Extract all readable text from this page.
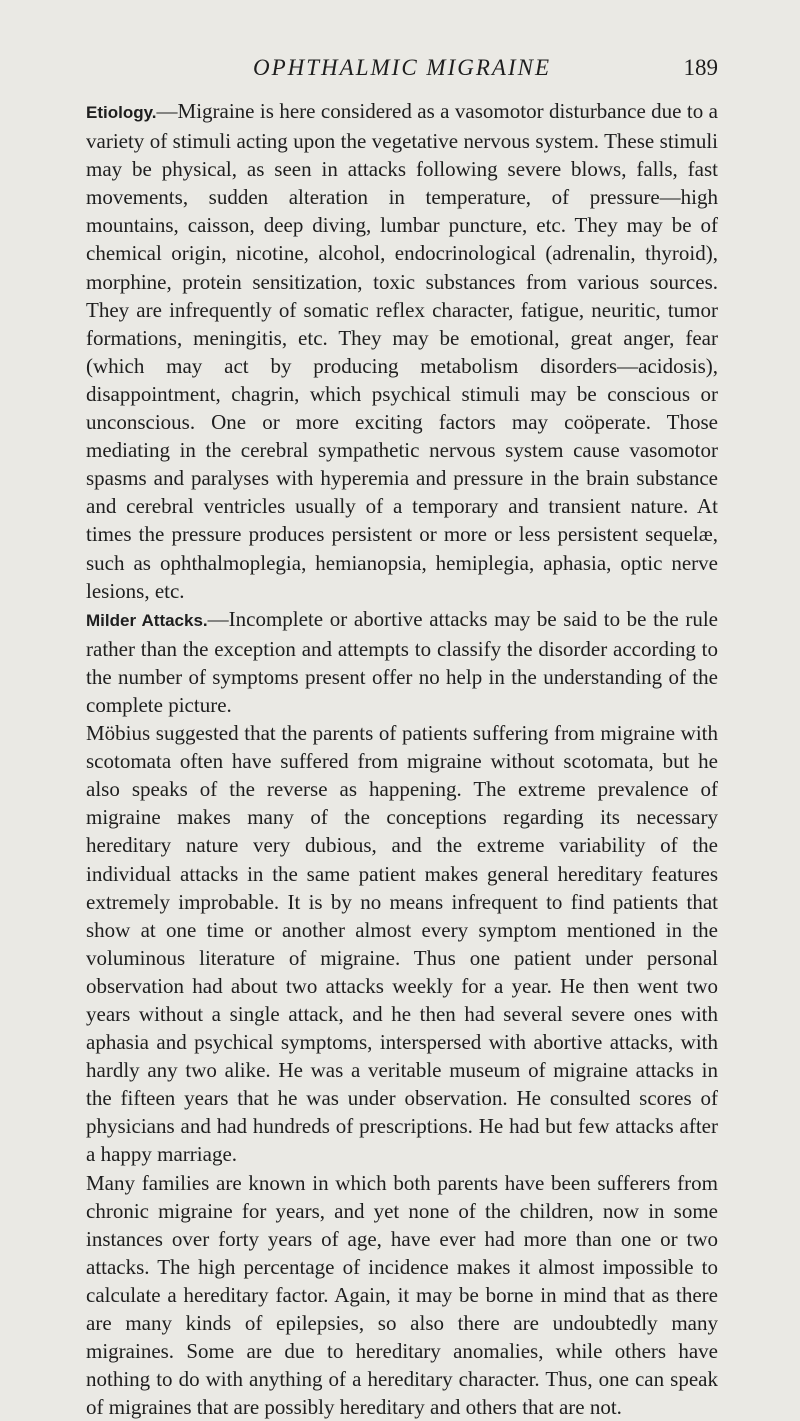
OPHTHALMIC MIGRAINE	189

Etiology.—Migraine is here considered as a vasomotor disturbance due to a variety of stimuli acting upon the vegetative nervous system. These stimuli may be physical, as seen in attacks following severe blows, falls, fast movements, sudden alteration in temperature, of pressure—high mountains, caisson, deep diving, lumbar puncture, etc. They may be of chemical origin, nicotine, alcohol, endocrinological (adrenalin, thyroid), morphine, protein sensitization, toxic substances from various sources. They are infrequently of somatic reflex character, fatigue, neuritic, tumor formations, meningitis, etc. They may be emotional, great anger, fear (which may act by producing metabolism disorders—acidosis), disappointment, chagrin, which psychical stimuli may be conscious or unconscious. One or more exciting factors may coöperate. Those mediating in the cerebral sympathetic nervous system cause vasomotor spasms and paralyses with hyperemia and pressure in the brain substance and cerebral ventricles usually of a temporary and transient nature. At times the pressure produces persistent or more or less persistent sequelæ, such as ophthalmoplegia, hemianopsia, hemiplegia, aphasia, optic nerve lesions, etc.

Milder Attacks.—Incomplete or abortive attacks may be said to be the rule rather than the exception and attempts to classify the disorder according to the number of symptoms present offer no help in the understanding of the complete picture.

Möbius suggested that the parents of patients suffering from migraine with scotomata often have suffered from migraine without scotomata, but he also speaks of the reverse as happening. The extreme prevalence of migraine makes many of the conceptions regarding its necessary hereditary nature very dubious, and the extreme variability of the individual attacks in the same patient makes general hereditary features extremely improbable. It is by no means infrequent to find patients that show at one time or another almost every symptom mentioned in the voluminous literature of migraine. Thus one patient under personal observation had about two attacks weekly for a year. He then went two years without a single attack, and he then had several severe ones with aphasia and psychical symptoms, interspersed with abortive attacks, with hardly any two alike. He was a veritable museum of migraine attacks in the fifteen years that he was under observation. He consulted scores of physicians and had hundreds of prescriptions. He had but few attacks after a happy marriage.

Many families are known in which both parents have been sufferers from chronic migraine for years, and yet none of the children, now in some instances over forty years of age, have ever had more than one or two attacks. The high percentage of incidence makes it almost impossible to calculate a hereditary factor. Again, it may be borne in mind that as there are many kinds of epilepsies, so also there are undoubtedly many migraines. Some are due to hereditary anomalies, while others have nothing to do with anything of a hereditary character. Thus, one can speak of migraines that are possibly hereditary and others that are not.
